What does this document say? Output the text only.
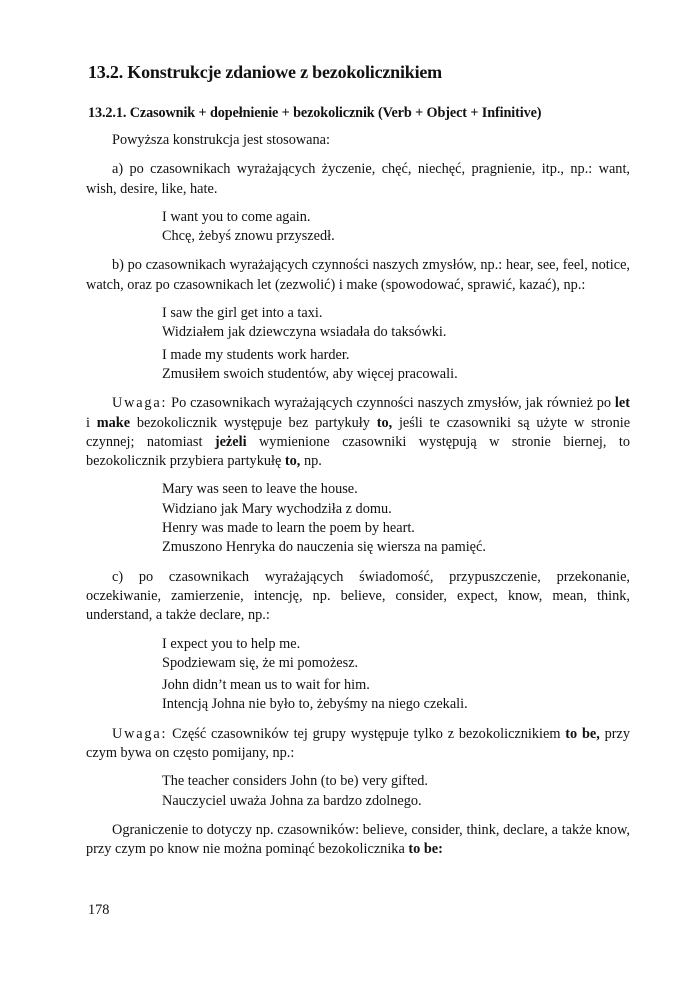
13.2. Konstrukcje zdaniowe z bezokolicznikiem
13.2.1. Czasownik + dopełnienie + bezokolicznik (Verb + Object + Infinitive)

Powyższa konstrukcja jest stosowana:

a) po czasownikach wyrażających życzenie, chęć, niechęć, pragnienie, itp., np.: want, wish, desire, like, hate.

I want you to come again.
Chcę, żebyś znowu przyszedł.

b) po czasownikach wyrażających czynności naszych zmysłów, np.: hear, see, feel, notice, watch, oraz po czasownikach let (zezwolić) i make (spowodować, sprawić, kazać), np.:

I saw the girl get into a taxi.
Widziałem jak dziewczyna wsiadała do taksówki.
I made my students work harder.
Zmusiłem swoich studentów, aby więcej pracowali.

Uwaga: Po czasownikach wyrażających czynności naszych zmysłów, jak również po let i make bezokolicznik występuje bez partykuły to, jeśli te czasowniki są użyte w stronie czynnej; natomiast jeżeli wymienione czasowniki występują w stronie biernej, to bezokolicznik przybiera partykułę to, np.

Mary was seen to leave the house.
Widziano jak Mary wychodziła z domu.
Henry was made to learn the poem by heart.
Zmuszono Henryka do nauczenia się wiersza na pamięć.

c) po czasownikach wyrażających świadomość, przypuszczenie, przekonanie, oczekiwanie, zamierzenie, intencję, np. believe, consider, expect, know, mean, think, understand, a także declare, np.:

I expect you to help me.
Spodziewam się, że mi pomożesz.
John didn’t mean us to wait for him.
Intencją Johna nie było to, żebyśmy na niego czekali.

Uwaga: Część czasowników tej grupy występuje tylko z bezokolicznikiem to be, przy czym bywa on często pomijany, np.:

The teacher considers John (to be) very gifted.
Nauczyciel uważa Johna za bardzo zdolnego.

Ograniczenie to dotyczy np. czasowników: believe, consider, think, declare, a także know, przy czym po know nie można pominąć bezokolicznika to be:

178
